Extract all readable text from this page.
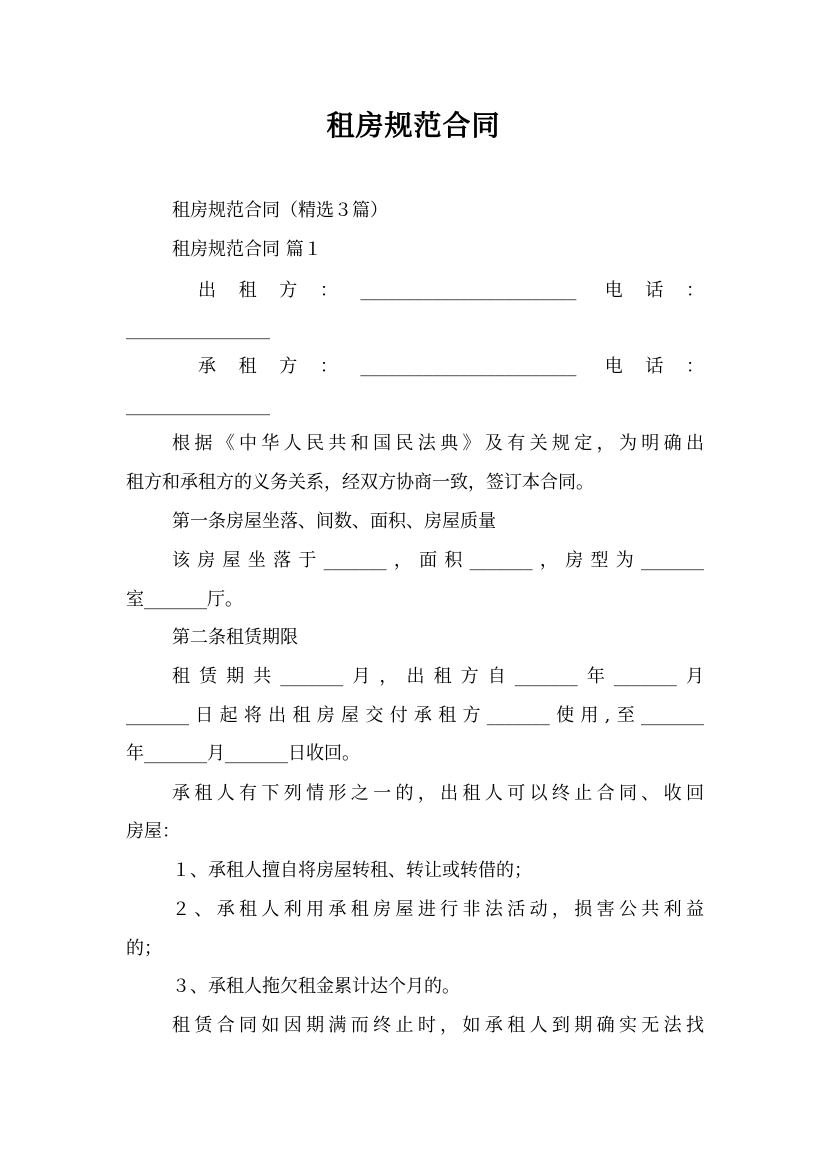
租房规范合同
租房规范合同（精选３篇）
租房规范合同 篇１
出租方：________________________ 电话：
________________
承租方：________________________ 电话：
________________
根据《中华人民共和国民法典》及有关规定，为明确出
租方和承租方的义务关系，经双方协商一致，签订本合同。
第一条房屋坐落、间数、面积、房屋质量
该房屋坐落于_______，面积_______，房型为_______
室_______厅。
第二条租赁期限
租赁期共_______月，出租方自_______年_______月
_______日起将出租房屋交付承租方_______使用,至_______
年_______月_______日收回。
承租人有下列情形之一的，出租人可以终止合同、收回
房屋：
１、承租人擅自将房屋转租、转让或转借的；
２、承租人利用承租房屋进行非法活动，损害公共利益
的；
３、承租人拖欠租金累计达个月的。
租赁合同如因期满而终止时，如承租人到期确实无法找
